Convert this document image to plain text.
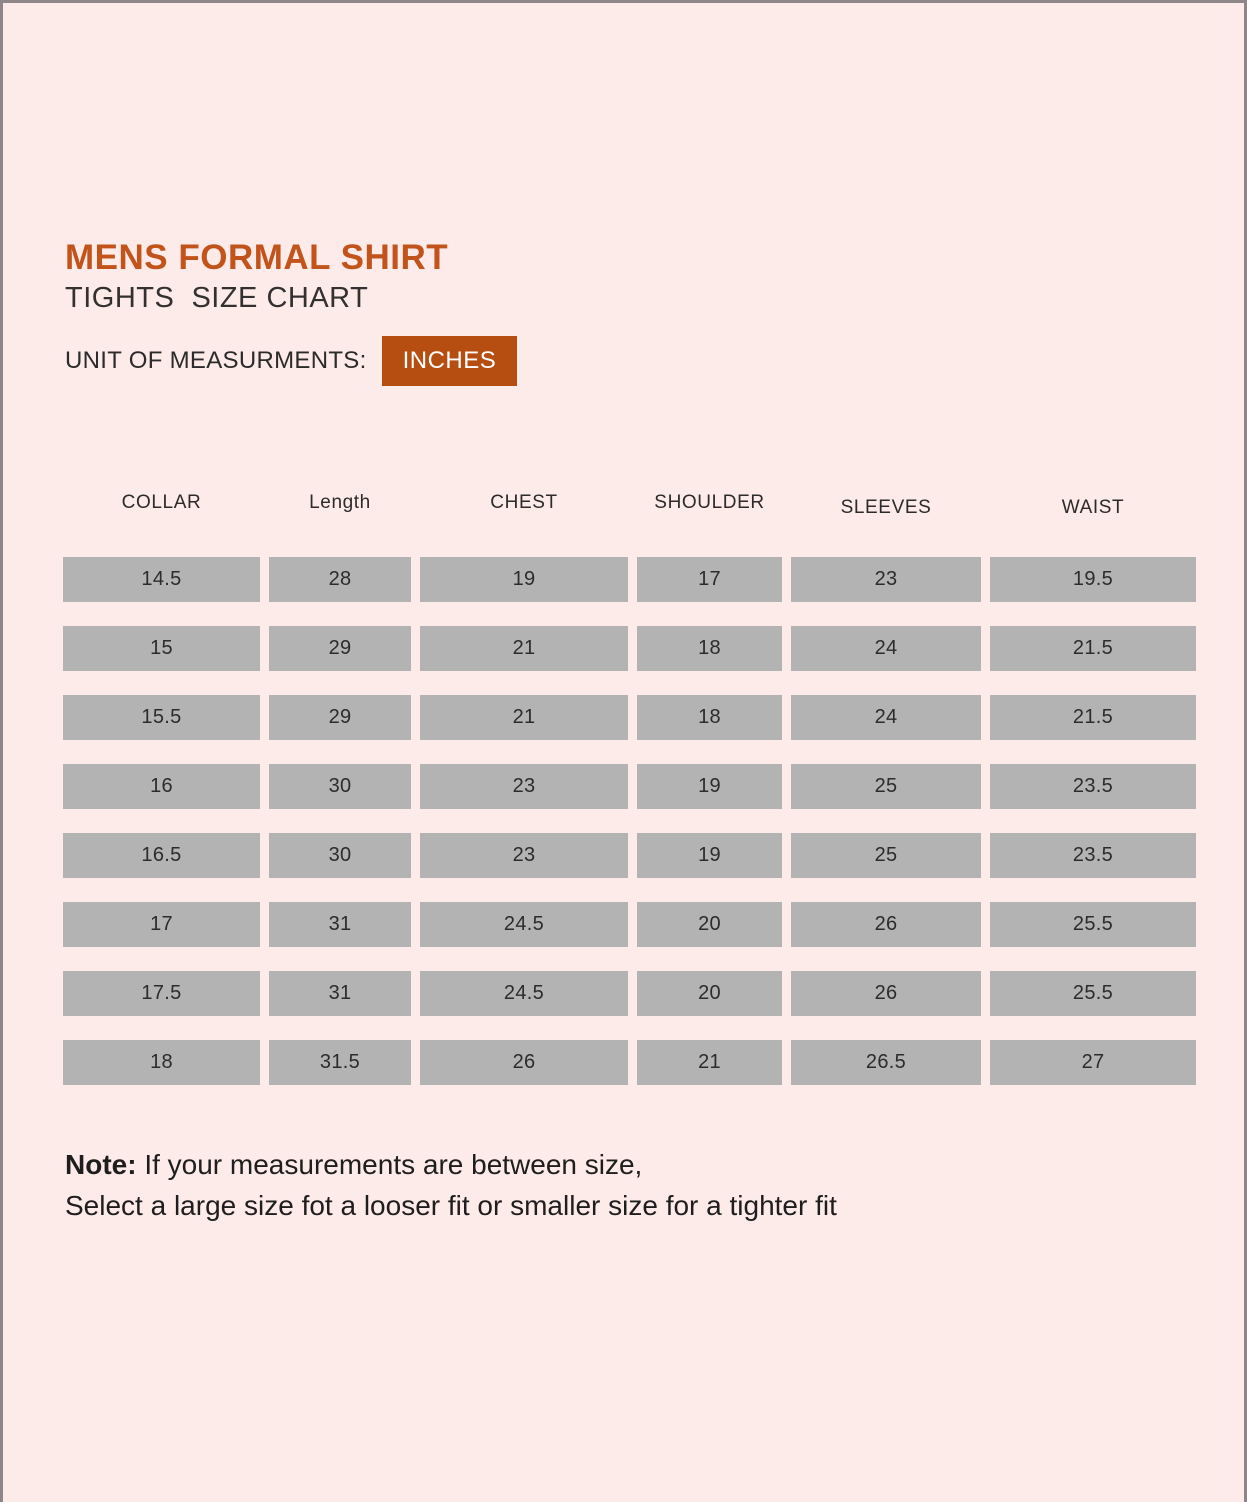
MENS FORMAL SHIRT
TIGHTS  SIZE CHART
UNIT OF MEASURMENTS:	INCHES
COLLAR	Length	CHEST	SHOULDER	SLEEVES	WAIST
14.5	28	19	17	23	19.5
15	29	21	18	24	21.5
15.5	29	21	18	24	21.5
16	30	23	19	25	23.5
16.5	30	23	19	25	23.5
17	31	24.5	20	26	25.5
17.5	31	24.5	20	26	25.5
18	31.5	26	21	26.5	27
Note: If your measurements are between size,
Select a large size fot a looser fit or smaller size for a tighter fit
